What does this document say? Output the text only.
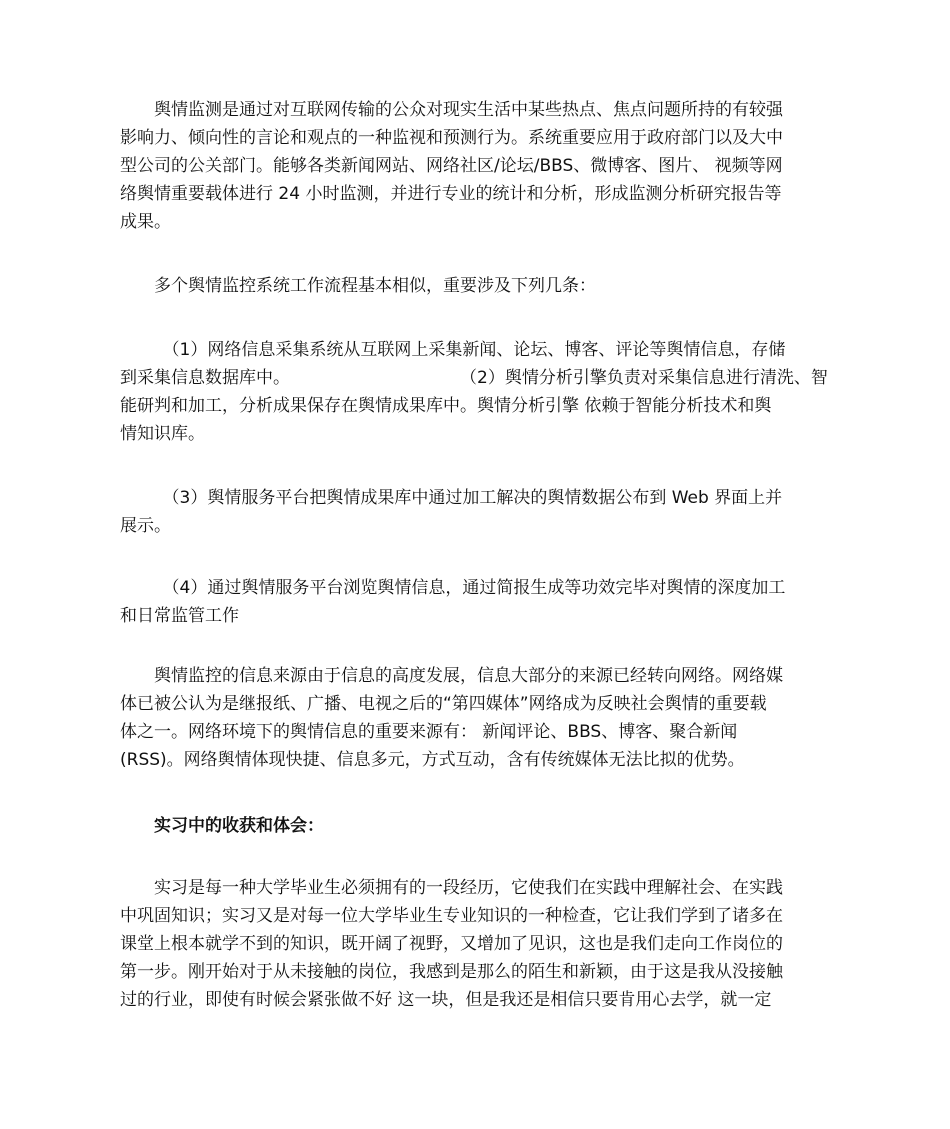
　　舆情监测是通过对互联网传输的公众对现实生活中某些热点、焦点问题所持的有较强
影响力、倾向性的言论和观点的一种监视和预测行为。系统重要应用于政府部门以及大中
型公司的公关部门。能够各类新闻网站、网络社区/论坛/BBS、微博客、图片、 视频等网
络舆情重要载体进行 24 小时监测，并进行专业的统计和分析，形成监测分析研究报告等
成果。

　　多个舆情监控系统工作流程基本相似，重要涉及下列几条：

　　　（1）网络信息采集系统从互联网上采集新闻、论坛、博客、评论等舆情信息，存储
到采集信息数据库中。　　　　　　　　　　　（2）舆情分析引擎负责对采集信息进行清洗、智
能研判和加工，分析成果保存在舆情成果库中。舆情分析引擎 依赖于智能分析技术和舆
情知识库。

　　　（3）舆情服务平台把舆情成果库中通过加工解决的舆情数据公布到 Web 界面上并
展示。

　　　（4）通过舆情服务平台浏览舆情信息，通过简报生成等功效完毕对舆情的深度加工
和日常监管工作

　　舆情监控的信息来源由于信息的高度发展，信息大部分的来源已经转向网络。网络媒
体已被公认为是继报纸、广播、电视之后的“第四媒体”网络成为反映社会舆情的重要载
体之一。网络环境下的舆情信息的重要来源有： 新闻评论、BBS、博客、聚合新闻
(RSS)。网络舆情体现快捷、信息多元，方式互动，含有传统媒体无法比拟的优势。

　　实习中的收获和体会：

　　实习是每一种大学毕业生必须拥有的一段经历，它使我们在实践中理解社会、在实践
中巩固知识；实习又是对每一位大学毕业生专业知识的一种检查，它让我们学到了诸多在
课堂上根本就学不到的知识，既开阔了视野，又增加了见识，这也是我们走向工作岗位的
第一步。刚开始对于从未接触的岗位，我感到是那么的陌生和新颖，由于这是我从没接触
过的行业，即使有时候会紧张做不好 这一块，但是我还是相信只要肯用心去学，就一定
